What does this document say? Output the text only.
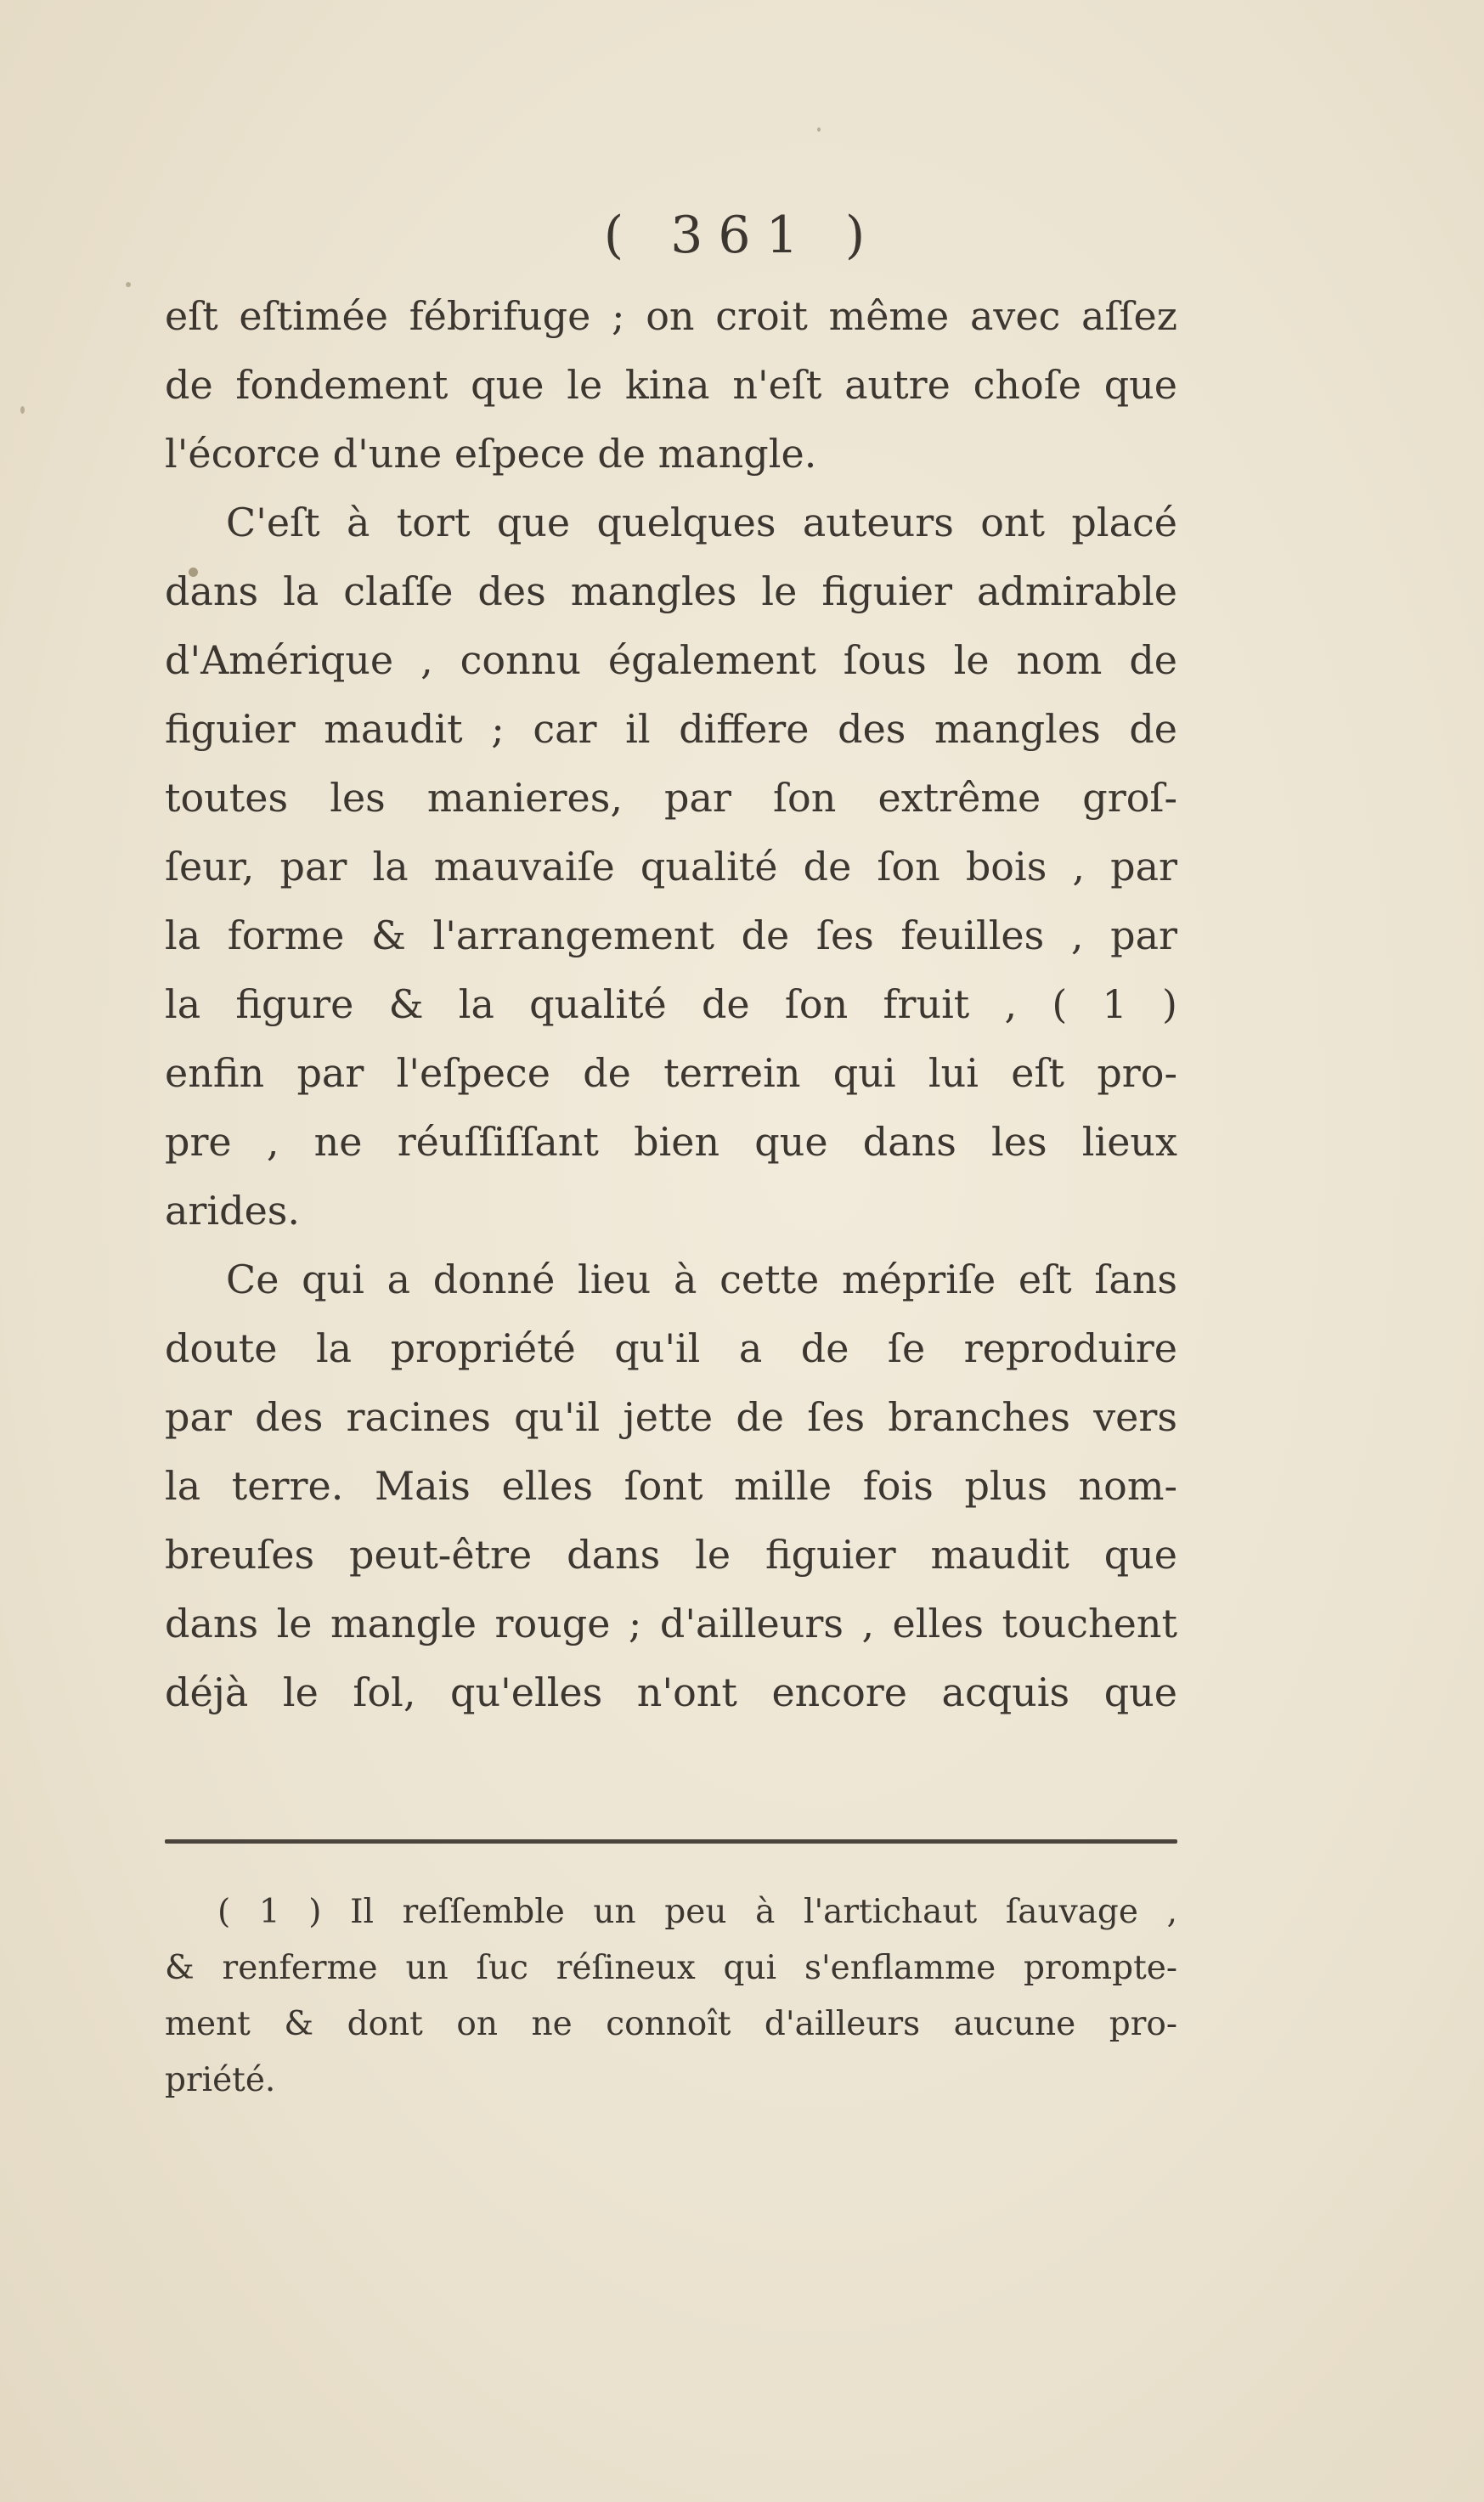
( 361 )
eſt eſtimée fébrifuge ; on croit même avec aſſez
de fondement que le kina n'eſt autre choſe que
l'écorce d'une eſpece de mangle.
C'eſt à tort que quelques auteurs ont placé
dans la claſſe des mangles le figuier admirable
d'Amérique , connu également ſous le nom de
figuier maudit ; car il differe des mangles de
toutes les manieres, par ſon extrême groſ-
ſeur, par la mauvaiſe qualité de ſon bois , par
la forme & l'arrangement de ſes feuilles , par
la figure & la qualité de ſon fruit , ( 1 )
enfin par l'eſpece de terrein qui lui eſt pro-
pre , ne réuſſiſſant bien que dans les lieux
arides.
Ce qui a donné lieu à cette mépriſe eſt ſans
doute la propriété qu'il a de ſe reproduire
par des racines qu'il jette de ſes branches vers
la terre. Mais elles ſont mille fois plus nom-
breuſes peut-être dans le figuier maudit que
dans le mangle rouge ; d'ailleurs , elles touchent
déjà le ſol, qu'elles n'ont encore acquis que
( 1 ) Il reſſemble un peu à l'artichaut ſauvage ,
& renferme un ſuc réſineux qui s'enflamme prompte-
ment & dont on ne connoît d'ailleurs aucune pro-
priété.
